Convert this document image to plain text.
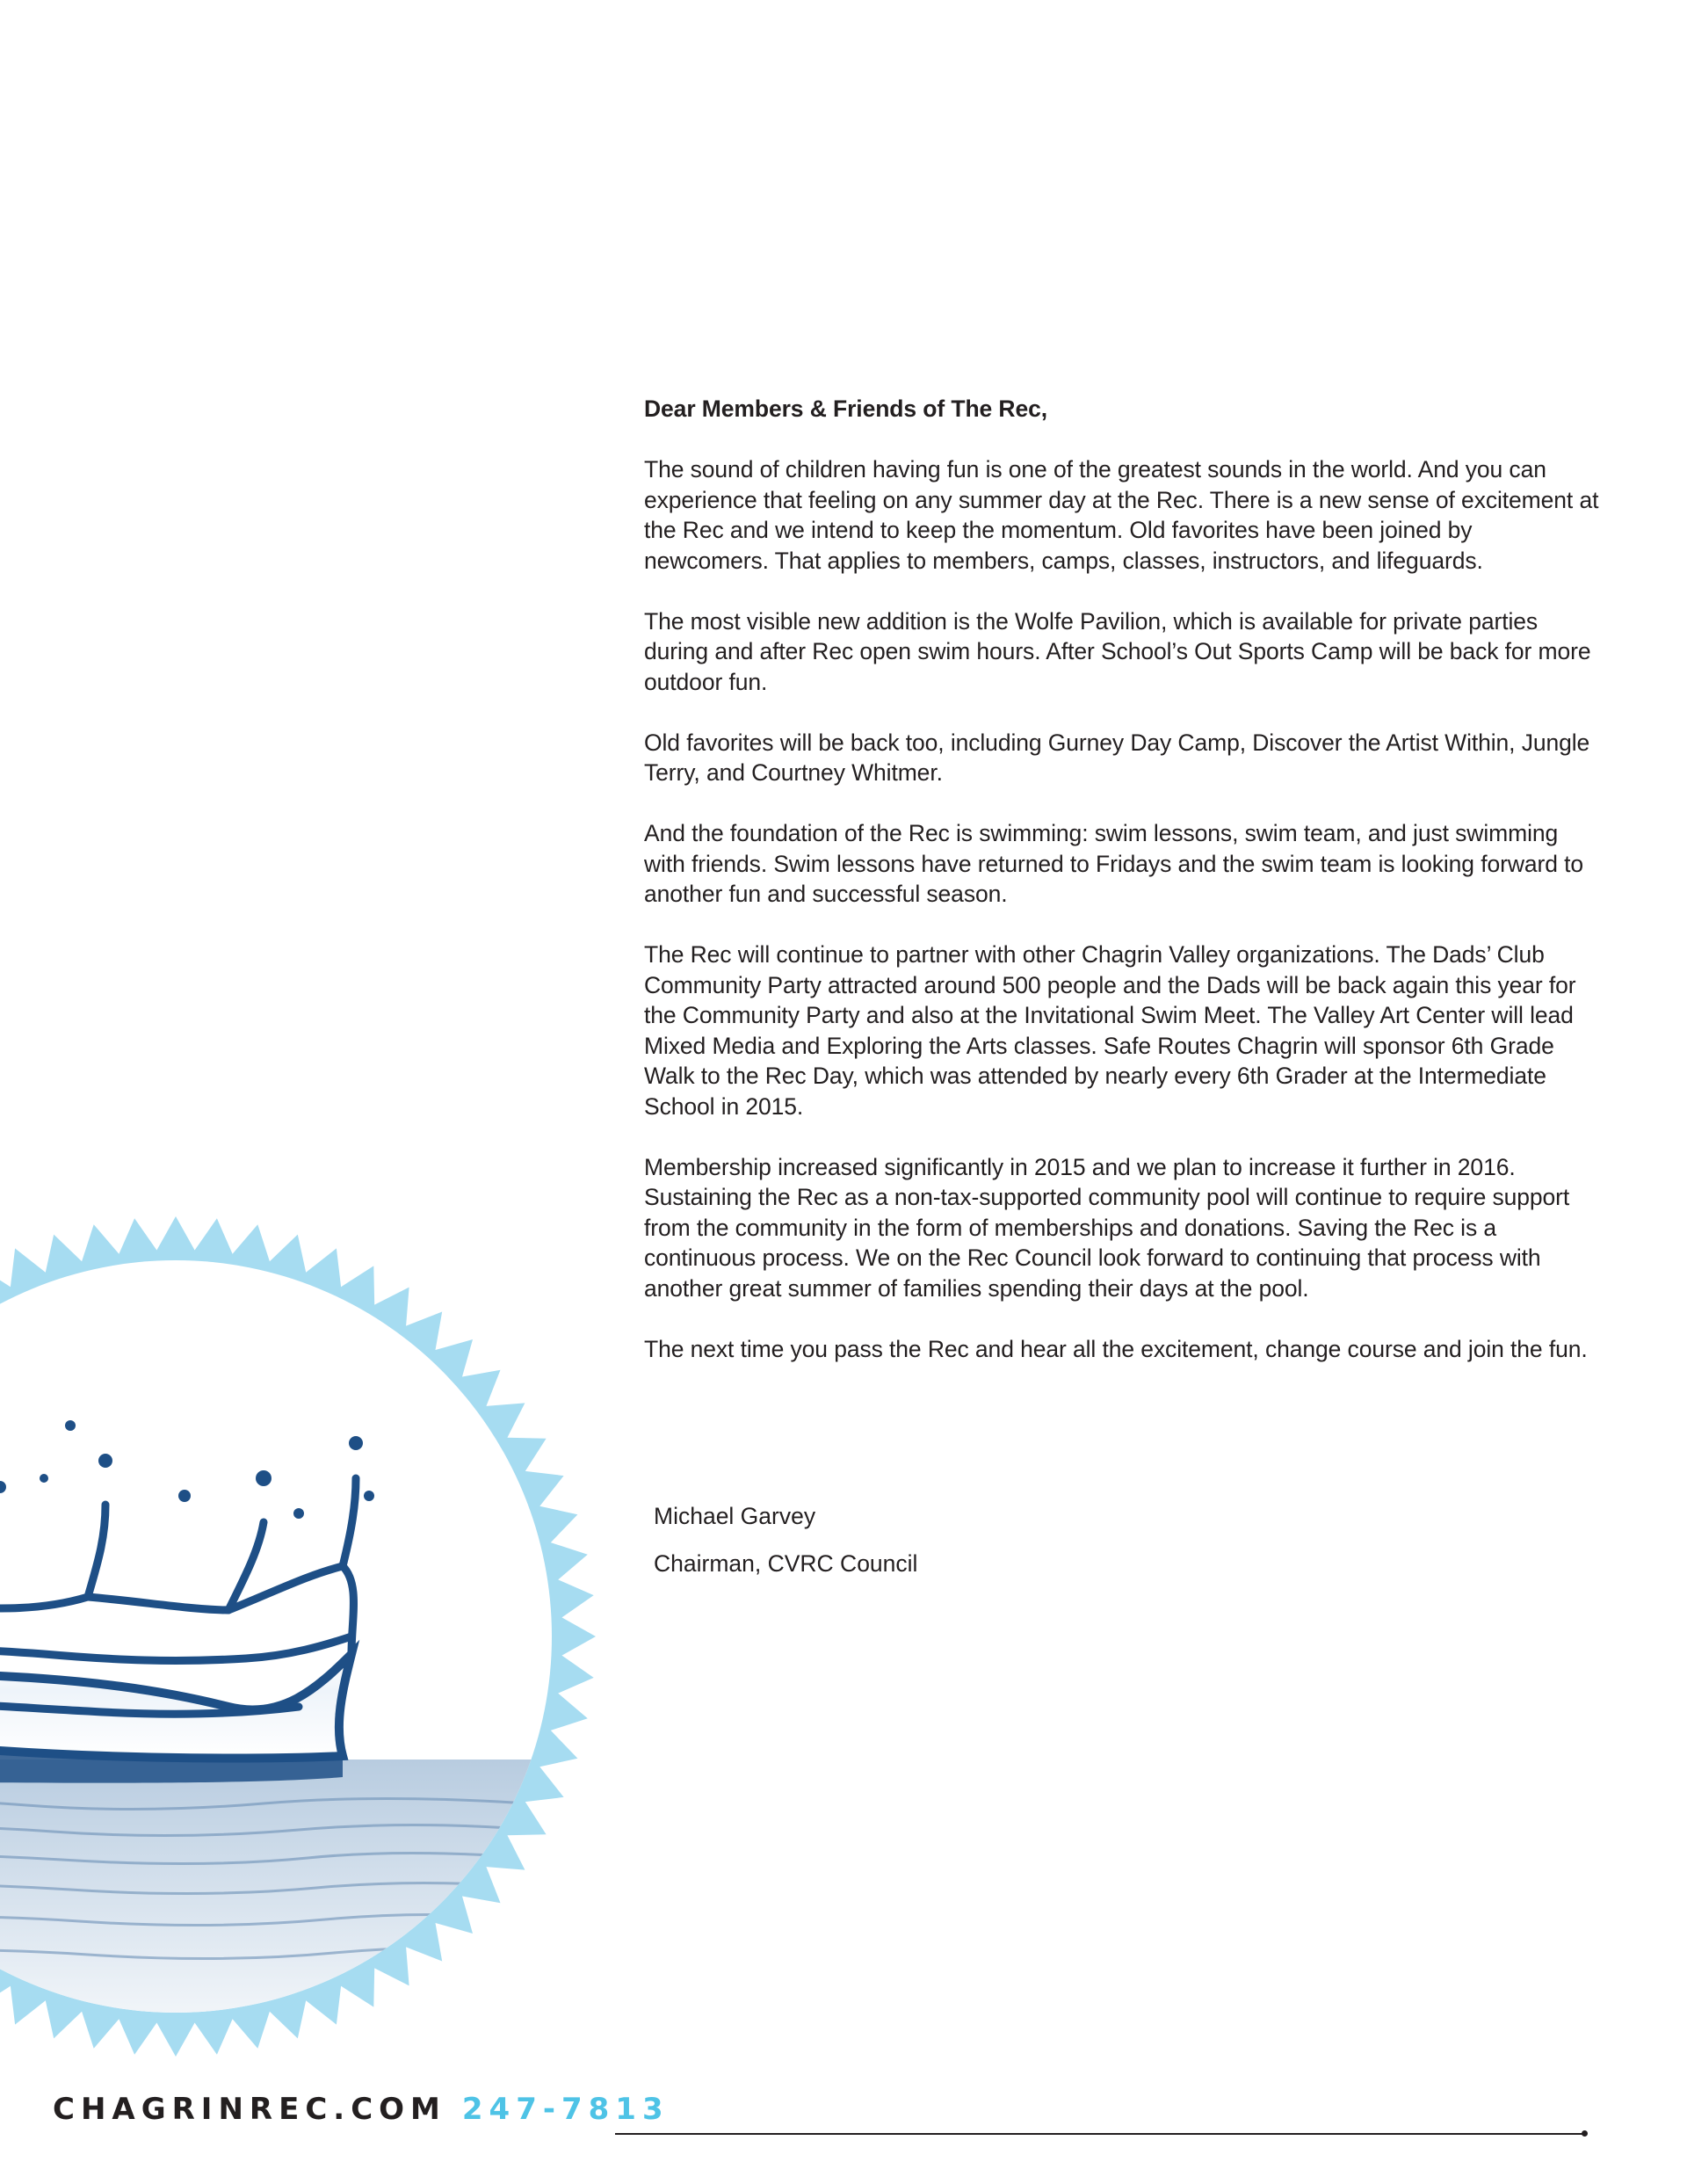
Dear Members & Friends of The Rec,

The sound of children having fun is one of the greatest sounds in the world. And you can experience that feeling on any summer day at the Rec. There is a new sense of excitement at the Rec and we intend to keep the momentum. Old favorites have been joined by newcomers. That applies to members, camps, classes, instructors, and lifeguards.

The most visible new addition is the Wolfe Pavilion, which is available for private parties during and after Rec open swim hours. After School’s Out Sports Camp will be back for more outdoor fun.

Old favorites will be back too, including Gurney Day Camp, Discover the Artist Within, Jungle Terry, and Courtney Whitmer.

And the foundation of the Rec is swimming: swim lessons, swim team, and just swimming with friends. Swim lessons have returned to Fridays and the swim team is looking forward to another fun and successful season.

The Rec will continue to partner with other Chagrin Valley organizations. The Dads’ Club Community Party attracted around 500 people and the Dads will be back again this year for the Community Party and also at the Invitational Swim Meet. The Valley Art Center will lead Mixed Media and Exploring the Arts classes. Safe Routes Chagrin will sponsor 6th Grade Walk to the Rec Day, which was attended by nearly every 6th Grader at the Intermediate School in 2015.

Membership increased significantly in 2015 and we plan to increase it further in 2016. Sustaining the Rec as a non-tax-supported community pool will continue to require support from the community in the form of memberships and donations. Saving the Rec is a continuous process. We on the Rec Council look forward to continuing that process with another great summer of families spending their days at the pool.

The next time you pass the Rec and hear all the excitement, change course and join the fun.

Michael Garvey
Chairman, CVRC Council
CHAGRINREC.COM 247-7813
